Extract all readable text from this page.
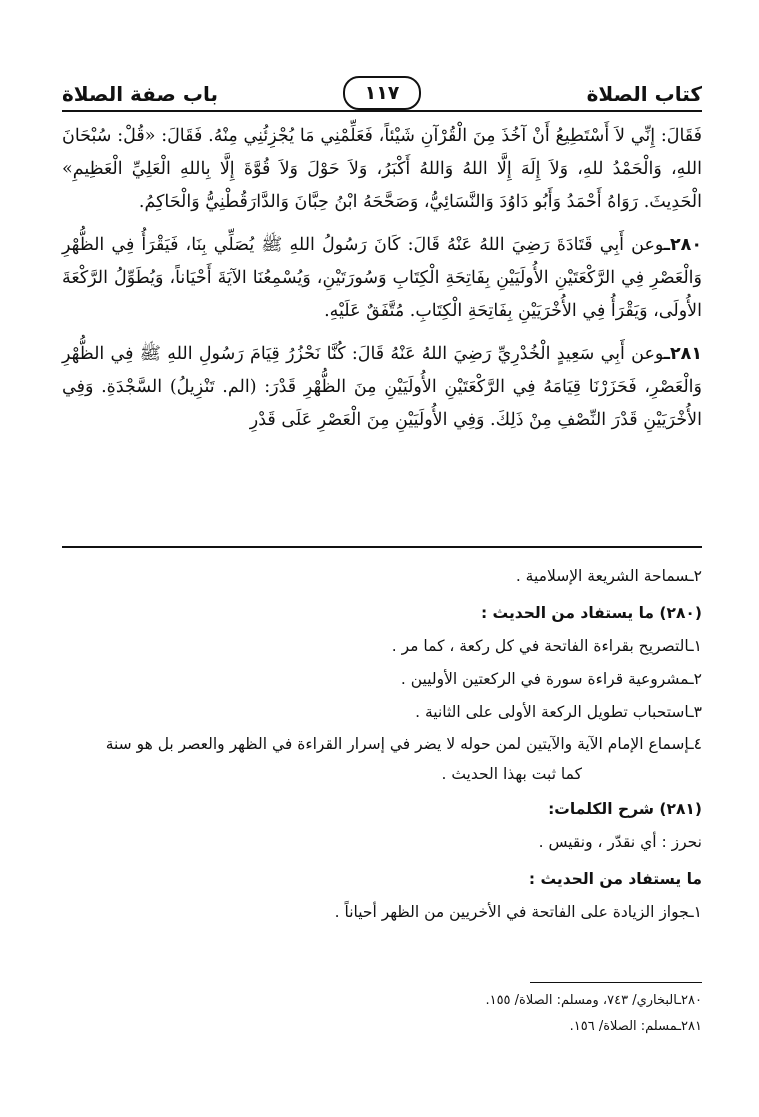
كتاب الصلاة
١١٧
باب صفة الصلاة

فَقَالَ: إِنِّي لاَ أَسْتَطِيعُ أَنْ آخُذَ مِنَ الْقُرْآنِ شَيْئاً، فَعَلِّمْنِي مَا يُجْزِئُنِي مِنْهُ. فَقَالَ: «قُلْ: سُبْحَانَ اللهِ، وَالْحَمْدُ للهِ، وَلاَ إِلَهَ إِلَّا اللهُ وَاللهُ أَكْبَرُ، وَلاَ حَوْلَ وَلاَ قُوَّةَ إِلَّا بِاللهِ الْعَلِيِّ الْعَظِيمِ» الْحَدِيثَ. رَوَاهُ أَحْمَدُ وَأَبُو دَاوُدَ وَالنَّسَائِيُّ، وَصَحَّحَهُ ابْنُ حِبَّانَ وَالدَّارَقُطْنِيُّ وَالْحَاكِمُ.

٢٨٠ـوعن أَبِي قَتَادَةَ رَضِيَ اللهُ عَنْهُ قَالَ: كَانَ رَسُولُ اللهِ ﷺ يُصَلِّي بِنَا، فَيَقْرَأُ فِي الظُّهْرِ وَالْعَصْرِ فِي الرَّكْعَتَيْنِ الأُولَيَيْنِ بِفَاتِحَةِ الْكِتَابِ وَسُورَتَيْنِ، وَيُسْمِعُنَا الآيَةَ أَحْيَاناً، وَيُطَوِّلُ الرَّكْعَةَ الأُولَى، وَيَقْرَأُ فِي الأُخْرَيَيْنِ بِفَاتِحَةِ الْكِتَابِ. مُتَّفَقٌ عَلَيْهِ.

٢٨١ـوعن أَبِي سَعِيدٍ الْخُدْرِيِّ رَضِيَ اللهُ عَنْهُ قَالَ: كُنَّا نَحْزُرُ قِيَامَ رَسُولِ اللهِ ﷺ فِي الظُّهْرِ وَالْعَصْرِ، فَحَزَرْنَا قِيَامَهُ فِي الرَّكْعَتَيْنِ الأُولَيَيْنِ مِنَ الظُّهْرِ قَدْرَ: (الم. تَنْزِيلُ) السَّجْدَةِ. وَفِي الأُخْرَيَيْنِ قَدْرَ النِّصْفِ مِنْ ذَلِكَ. وَفِي الأُولَيَيْنِ مِنَ الْعَصْرِ عَلَى قَدْرِ

٢ـسماحة الشريعة الإسلامية .
(٢٨٠) ما يستفاد من الحديث :
١ـالتصريح بقراءة الفاتحة في كل ركعة ، كما مر .
٢ـمشروعية قراءة سورة في الركعتين الأوليين .
٣ـاستحباب تطويل الركعة الأولى على الثانية .
٤ـإسماع الإمام الآية والآيتين لمن حوله لا يضر في إسرار القراءة في الظهر والعصر بل هو سنة
كما ثبت بهذا الحديث .
(٢٨١) شرح الكلمات:
نحرز : أي نقدّر ، ونقيس .
ما يستفاد من الحديث :
١ـجواز الزيادة على الفاتحة في الأخريين من الظهر أحياناً .
٢٨٠ـالبخاري/ ٧٤٣، ومسلم: الصلاة/ ١٥٥.
٢٨١ـمسلم: الصلاة/ ١٥٦.
